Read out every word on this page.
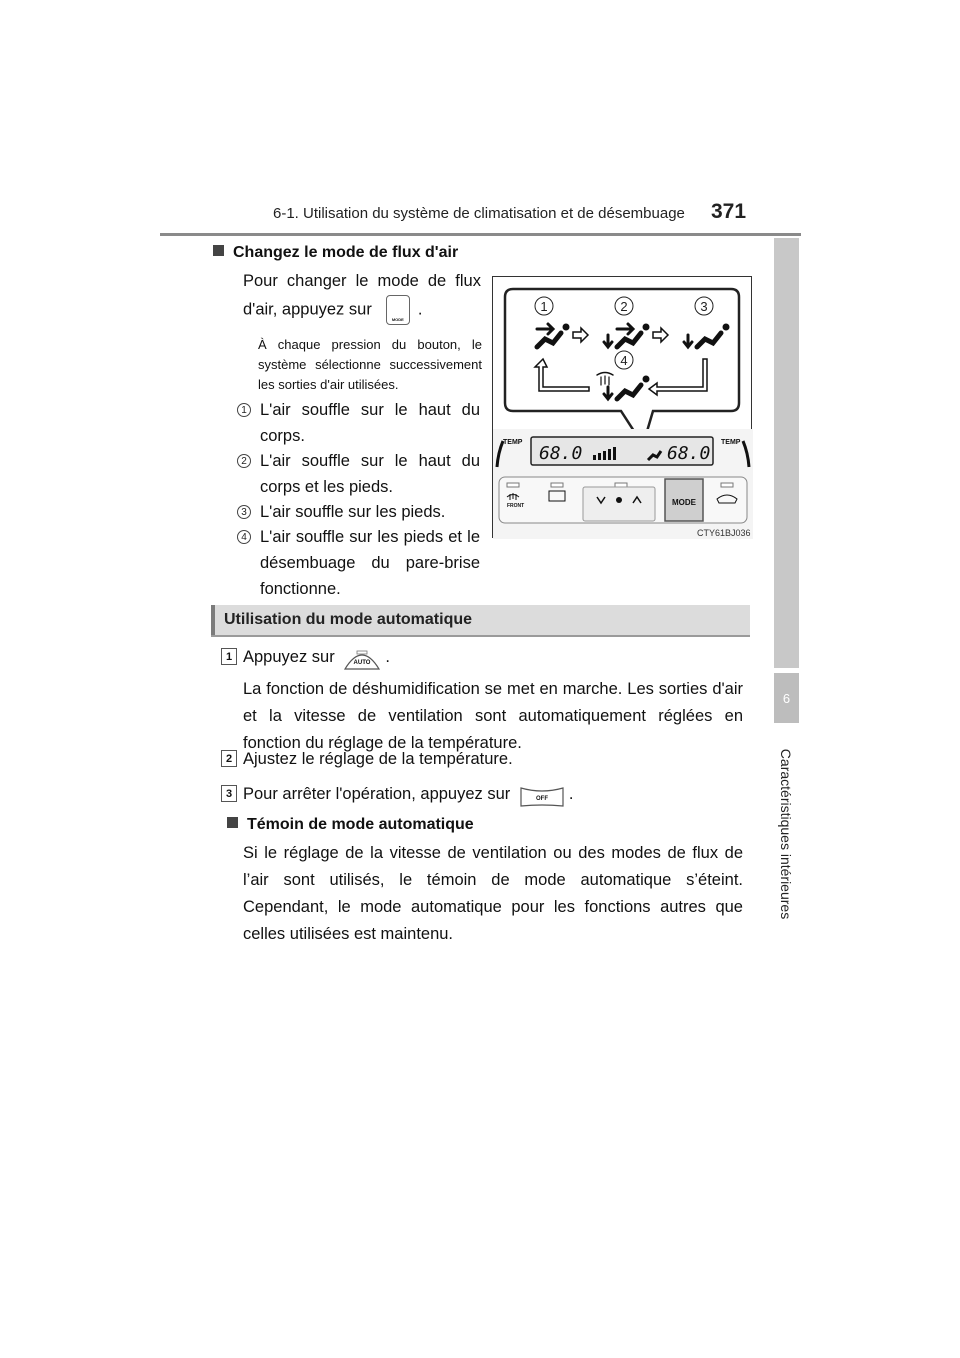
6-1. Utilisation du système de climatisation et de désembuage 371
6
Caractéristiques intérieures
Changez le mode de flux d'air
Pour changer le mode de flux d'air, appuyez sur
MODE
.
À chaque pression du bouton, le système sélectionne successivement les sorties d'air utilisées.
1 L'air souffle sur le haut du corps.
2 L'air souffle sur le haut du corps et les pieds.
3 L'air souffle sur les pieds.
4 L'air souffle sur les pieds et le désembuage du pare-brise fonctionne.
1	2	3
4
TEMP	TEMP
68.0	68.0
FRONT	MODE
CTY61BJ036
Utilisation du mode automatique
1 Appuyez sur	AUTO .
La fonction de déshumidification se met en marche. Les sorties d'air et la vitesse de ventilation sont automatiquement réglées en fonction du réglage de la température.
2 Ajustez le réglage de la température.
3 Pour arrêter l'opération, appuyez sur	OFF .
Témoin de mode automatique
Si le réglage de la vitesse de ventilation ou des modes de flux de l’air sont utilisés, le témoin de mode automatique s’éteint. Cependant, le mode automatique pour les fonctions autres que celles utilisées est maintenu.
